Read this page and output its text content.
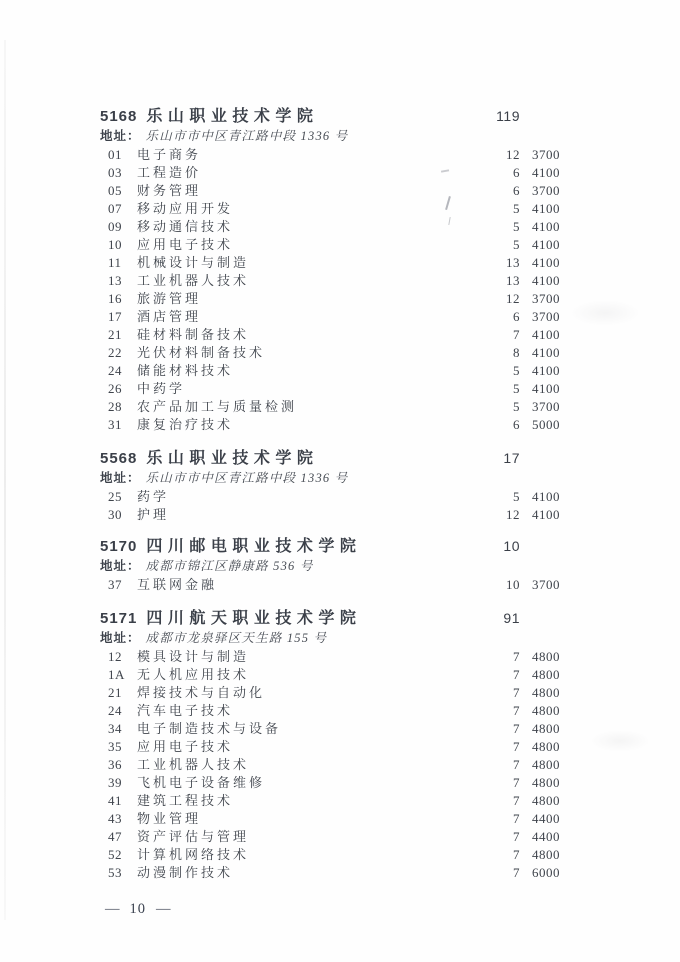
5168 乐山职业技术学院	119
地址： 乐山市市中区青江路中段 1336 号
01	电子商务	12 3700
03	工程造价	6 4100
05	财务管理	6 3700
07	移动应用开发	5 4100
09	移动通信技术	5 4100
10	应用电子技术	5 4100
11	机械设计与制造	13 4100
13	工业机器人技术	13 4100
16	旅游管理	12 3700
17	酒店管理	6 3700
21	硅材料制备技术	7 4100
22	光伏材料制备技术	8 4100
24	储能材料技术	5 4100
26	中药学	5 4100
28	农产品加工与质量检测	5 3700
31	康复治疗技术	6 5000
5568 乐山职业技术学院	17
地址： 乐山市市中区青江路中段 1336 号
25	药学	5 4100
30	护理	12 4100
5170 四川邮电职业技术学院	10
地址： 成都市锦江区静康路 536 号
37	互联网金融	10 3700
5171 四川航天职业技术学院	91
地址： 成都市龙泉驿区天生路 155 号
12	模具设计与制造	7 4800
1A 无人机应用技术	7 4800
21	焊接技术与自动化	7 4800
24	汽车电子技术	7 4800
34	电子制造技术与设备	7 4800
35	应用电子技术	7 4800
36	工业机器人技术	7 4800
39	飞机电子设备维修	7 4800
41	建筑工程技术	7 4800
43	物业管理	7 4400
47	资产评估与管理	7 4400
52	计算机网络技术	7 4800
53	动漫制作技术	7 6000
— 10 —
